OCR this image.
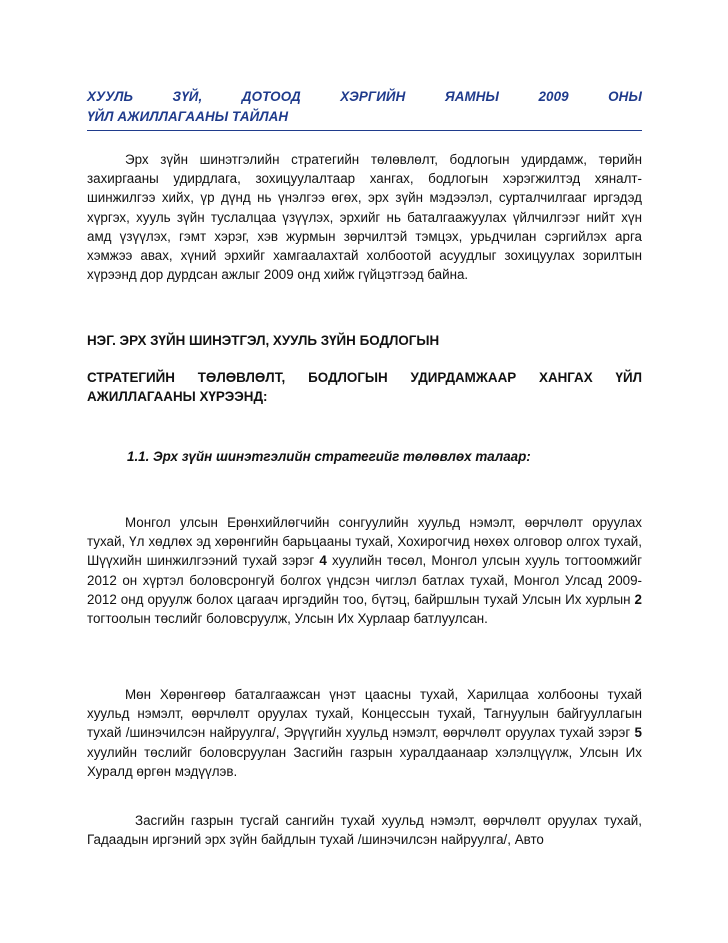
ХУУЛЬ	ЗҮЙ,	ДОТООД	ХЭРГИЙН	ЯАМНЫ	2009	ОНЫ
ҮЙЛ АЖИЛЛАГААНЫ ТАЙЛАН

Эрх зүйн шинэтгэлийн стратегийн төлөвлөлт, бодлогын удирдамж, төрийн захиргааны удирдлага, зохицуулалтаар хангах, бодлогын хэрэгжилтэд хяналт-шинжилгээ хийх, үр дүнд нь үнэлгээ өгөх, эрх зүйн мэдээлэл, сурталчилгааг иргэдэд хүргэх, хууль зүйн туслалцаа үзүүлэх, эрхийг нь баталгаажуулах үйлчилгээг нийт хүн амд үзүүлэх, гэмт хэрэг, хэв журмын зөрчилтэй тэмцэх, урьдчилан сэргийлэх арга хэмжээ авах, хүний эрхийг хамгаалахтай холбоотой асуудлыг зохицуулах зорилтын хүрээнд дор дурдсан ажлыг 2009 онд хийж гүйцэтгээд байна.

НЭГ. ЭРХ ЗҮЙН ШИНЭТГЭЛ, ХУУЛЬ ЗҮЙН БОДЛОГЫН
СТРАТЕГИЙН ТӨЛӨВЛӨЛТ, БОДЛОГЫН УДИРДАМЖААР ХАНГАХ ҮЙЛ
АЖИЛЛАГААНЫ ХҮРЭЭНД:
1.1. Эрх зүйн шинэтгэлийн стратегийг төлөвлөх талаар:

Монгол улсын Ерөнхийлөгчийн сонгуулийн хуульд нэмэлт, өөрчлөлт оруулах тухай, Үл хөдлөх эд хөрөнгийн барьцааны тухай, Хохирогчид нөхөх олговор олгох тухай, Шүүхийн шинжилгээний тухай зэрэг 4 хуулийн төсөл, Монгол улсын хууль тогтоомжийг 2012 он хүртэл боловсронгуй болгох үндсэн чиглэл батлах тухай, Монгол Улсад 2009-2012 онд оруулж болох цагаач иргэдийн тоо, бүтэц, байршлын тухай Улсын Их хурлын 2 тогтоолын төслийг боловсруулж, Улсын Их Хурлаар батлуулсан.

Мөн Хөрөнгөөр баталгаажсан үнэт цаасны тухай, Харилцаа холбооны тухай хуульд нэмэлт, өөрчлөлт оруулах тухай, Концессын тухай, Тагнуулын байгууллагын тухай /шинэчилсэн найруулга/, Эрүүгийн хуульд нэмэлт, өөрчлөлт оруулах тухай зэрэг 5 хуулийн төслийг боловсруулан Засгийн газрын хуралдаанаар хэлэлцүүлж, Улсын Их Хуралд өргөн мэдүүлэв.

Засгийн газрын тусгай сангийн тухай хуульд нэмэлт, өөрчлөлт оруулах тухай, Гадаадын иргэний эрх зүйн байдлын тухай /шинэчилсэн найруулга/, Авто
